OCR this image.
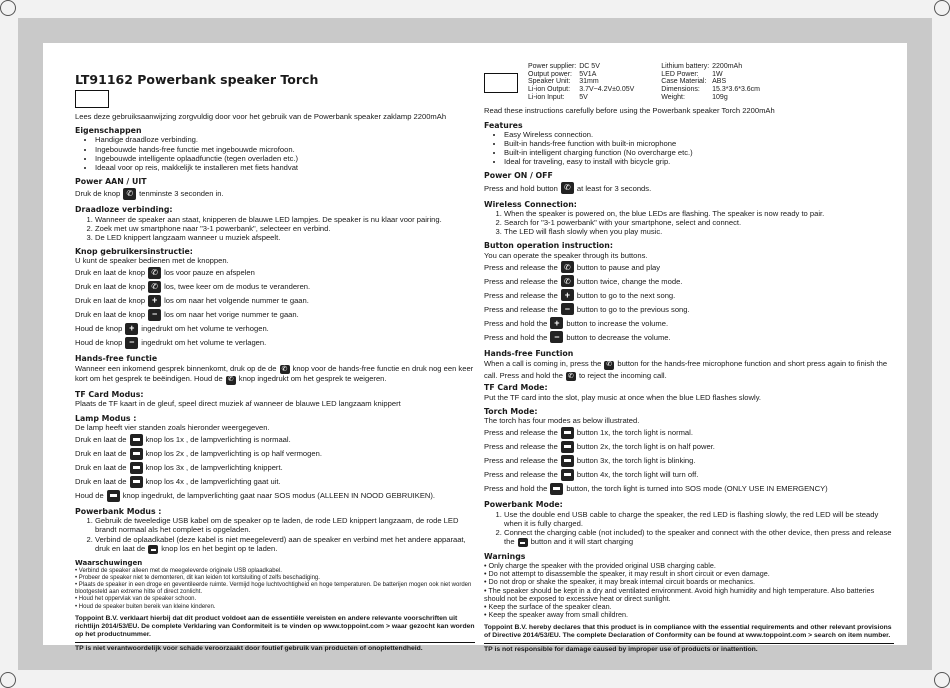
LT91162 Powerbank speaker Torch

Lees deze gebruiksaanwijzing zorgvuldig door voor het gebruik van de Powerbank speaker zaklamp 2200mAh

Eigenschappen
• Handige draadloze verbinding.
• Ingebouwde hands-free functie met ingebouwde microfoon.
• Ingebouwde intelligente oplaadfunctie (tegen overladen etc.)
• Ideaal voor op reis, makkelijk te installeren met fiets handvat
Power AAN / UIT
Druk de knop ✆ tenminste 3 seconden in.
Draadloze verbinding:
1. Wanneer de speaker aan staat, knipperen de blauwe LED lampjes. De speaker is nu klaar voor pairing.
2. Zoek met uw smartphone naar "3-1 powerbank", selecteer en verbind.
3. De LED knippert langzaam wanneer u muziek afspeelt.
Knop gebruikersinstructie:

U kunt de speaker bedienen met de knoppen.

Druk en laat de knop ✆ los voor pauze en afspelen
Druk en laat de knop ✆ los, twee keer om de modus te veranderen.
Druk en laat de knop + los om naar het volgende nummer te gaan.
Druk en laat de knop − los om naar het vorige nummer te gaan.
Houd de knop + ingedrukt om het volume te verhogen.
Houd de knop − ingedrukt om het volume te verlagen.
Hands-free functie

Wanneer een inkomend gesprek binnenkomt, druk op de de ✆ knop voor de hands-free functie en druk nog een keer kort om het gesprek te beëindigen. Houd de ✆ knop ingedrukt om het gesprek te weigeren.

TF Card Modus:

Plaats de TF kaart in de gleuf, speel direct muziek af wanneer de blauwe LED langzaam knippert

Lamp Modus :

De lamp heeft vier standen zoals hieronder weergegeven.

Druk en laat de	knop los 1x , de lampverlichting is normaal.
Druk en laat de	knop los 2x , de lampverlichting is op half vermogen.
Druk en laat de	knop los 3x , de lampverlichting knippert.
Druk en laat de	knop los 4x , de lampverlichting gaat uit.
Houd de	knop ingedrukt, de lampverlichting gaat naar SOS modus (ALLEEN IN NOOD GEBRUIKEN).
Powerbank Modus :
1. Gebruik de tweeledige USB kabel om de speaker op te laden, de rode LED knippert langzaam, de rode LED brandt normaal als het compleet is opgeladen.
2. Verbind de oplaadkabel (deze kabel is niet meegeleverd) aan de speaker en verbind met het andere apparaat, druk en laat de knop los en het begint op te laden.
Waarschuwingen
• Verbind de speaker alleen met de meegeleverde originele USB oplaadkabel.
• Probeer de speaker niet te demonteren, dit kan leiden tot kortsluiting of zelfs beschadiging.
• Plaats de speaker in een droge en geventileerde ruimte. Vermijd hoge luchtvochtigheid en hoge temperaturen. De batterijen mogen ook niet worden blootgesteld aan extreme hitte of direct zonlicht.
• Houd het oppervlak van de speaker schoon.
• Houd de speaker buiten bereik van kleine kinderen.
Toppoint B.V. verklaart hierbij dat dit product voldoet aan de essentiële vereisten en andere relevante voorschriften uit richtlijn 2014/53/EU. De complete Verklaring van Conformiteit is te vinden op www.toppoint.com > waar gezocht kan worden op het productnummer.
TP is niet verantwoordelijk voor schade veroorzaakt door foutief gebruik van producten of onoplettendheid.
Power supplier:	DC 5V
Output power:	5V1A
Speaker Unit:	31mm
Li-ion Output:	3.7V~4.2V±0.05V
Li-ion Input:	5V
Lithium battery:	2200mAh
LED Power:	1W
Case Material:	ABS
Dimensions:	15.3*3.6*3.6cm
Weight:	109g

Read these instructions carefully before using the Powerbank speaker Torch 2200mAh

Features
• Easy Wireless connection.
• Built-in hands-free function with built-in microphone
• Built-in intelligent charging function (No overcharge etc.)
• Ideal for traveling, easy to install with bicycle grip.
Power ON / OFF
Press and hold button ✆ at least for 3 seconds.
Wireless Connection:
1. When the speaker is powered on, the blue LEDs are flashing. The speaker is now ready to pair.
2. Search for "3-1 powerbank" with your smartphone, select and connect.
3. The LED will flash slowly when you play music.
Button operation instruction:

You can operate the speaker through its buttons.

Press and release the ✆ button to pause and play
Press and release the ✆ button twice, change the mode.
Press and release the + button to go to the next song.
Press and release the − button to go to the previous song.
Press and hold the + button to increase the volume.
Press and hold the − button to decrease the volume.
Hands-free Function

When a call is coming in, press the ✆ button for the hands-free microphone function and short press again to finish the call. Press and hold the ✆ to reject the incoming call.

TF Card Mode:

Put the TF card into the slot, play music at once when the blue LED flashes slowly.

Torch Mode:

The torch has four modes as below illustrated.

Press and release the	button 1x, the torch light is normal.
Press and release the	button 2x, the torch light is on half power.
Press and release the	button 3x, the torch light is blinking.
Press and release the	button 4x, the torch light will turn off.
Press and hold the	button, the torch light is turned into SOS mode (ONLY USE IN EMERGENCY)
Powerbank Mode:
1. Use the double end USB cable to charge the speaker, the red LED is flashing slowly, the red LED will be steady when it is fully charged.
2. Connect the charging cable (not included) to the speaker and connect with the other device, then press and release the button and it will start charging
Warnings
• Only charge the speaker with the provided original USB charging cable.
• Do not attempt to disassemble the speaker, it may result in short circuit or even damage.
• Do not drop or shake the speaker, it may break internal circuit boards or mechanics.
• The speaker should be kept in a dry and ventilated environment. Avoid high humidity and high temperature. Also batteries should not be exposed to excessive heat or direct sunlight.
• Keep the surface of the speaker clean.
• Keep the speaker away from small children.
Toppoint B.V. hereby declares that this product is in compliance with the essential requirements and other relevant provisions of Directive 2014/53/EU. The complete Declaration of Conformity can be found at www.toppoint.com > search on item number.
TP is not responsible for damage caused by improper use of products or inattention.
